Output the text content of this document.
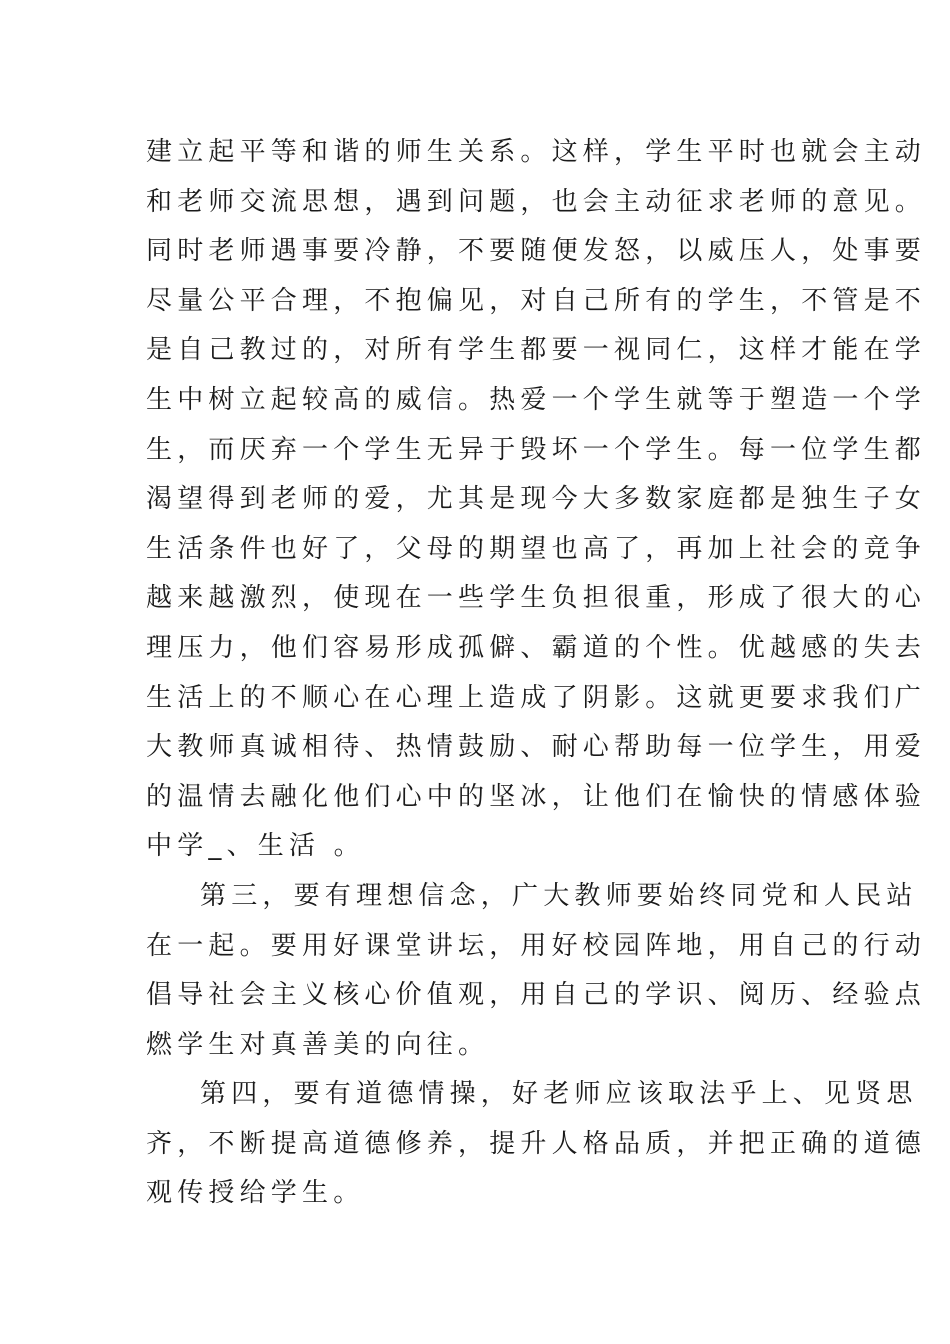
建立起平等和谐的师生关系。这样，学生平时也就会主动
和老师交流思想，遇到问题，也会主动征求老师的意见。
同时老师遇事要冷静，不要随便发怒，以威压人，处事要
尽量公平合理，不抱偏见，对自己所有的学生，不管是不
是自己教过的，对所有学生都要一视同仁，这样才能在学
生中树立起较高的威信。热爱一个学生就等于塑造一个学
生，而厌弃一个学生无异于毁坏一个学生。每一位学生都
渴望得到老师的爱，尤其是现今大多数家庭都是独生子女
生活条件也好了，父母的期望也高了，再加上社会的竞争
越来越激烈，使现在一些学生负担很重，形成了很大的心
理压力，他们容易形成孤僻、霸道的个性。优越感的失去
生活上的不顺心在心理上造成了阴影。这就更要求我们广
大教师真诚相待、热情鼓励、耐心帮助每一位学生，用爱
的温情去融化他们心中的坚冰，让他们在愉快的情感体验
中学_、生活 。
第三，要有理想信念，广大教师要始终同党和人民站
在一起。要用好课堂讲坛，用好校园阵地，用自己的行动
倡导社会主义核心价值观，用自己的学识、阅历、经验点
燃学生对真善美的向往。
第四，要有道德情操，好老师应该取法乎上、见贤思
齐，不断提高道德修养，提升人格品质，并把正确的道德
观传授给学生。
